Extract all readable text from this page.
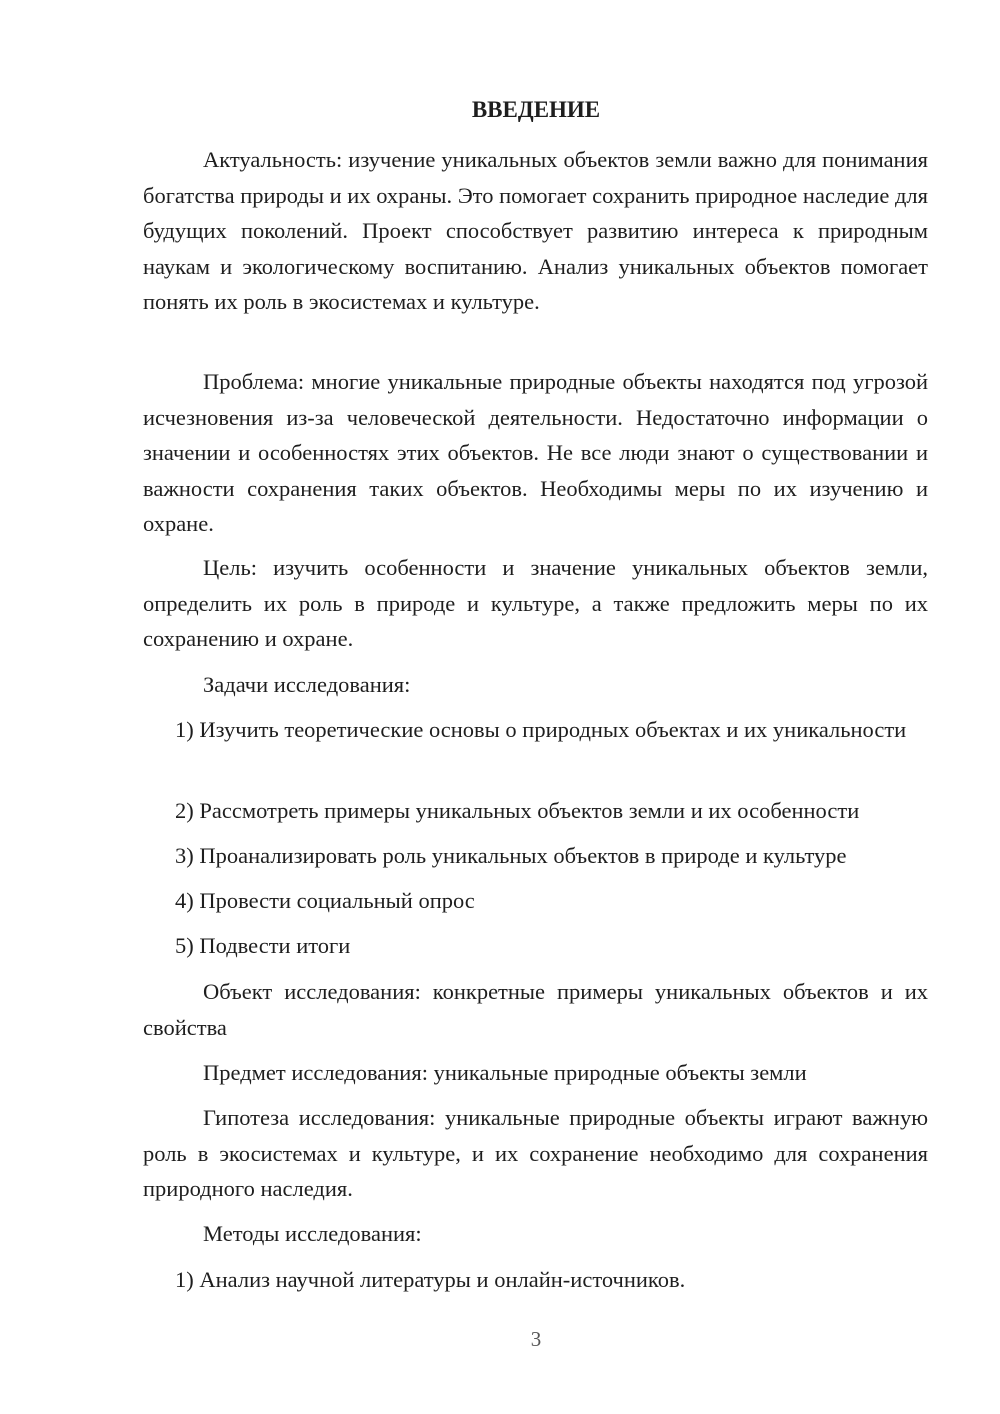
ВВЕДЕНИЕ
Актуальность: изучение уникальных объектов земли важно для понимания богатства природы и их охраны. Это помогает сохранить природное наследие для будущих поколений. Проект способствует развитию интереса к природным наукам и экологическому воспитанию. Анализ уникальных объектов помогает понять их роль в экосистемах и культуре.
Проблема: многие уникальные природные объекты находятся под угрозой исчезновения из-за человеческой деятельности. Недостаточно информации о значении и особенностях этих объектов. Не все люди знают о существовании и важности сохранения таких объектов. Необходимы меры по их изучению и охране.
Цель: изучить особенности и значение уникальных объектов земли, определить их роль в природе и культуре, а также предложить меры по их сохранению и охране.
Задачи исследования:
1) Изучить теоретические основы о природных объектах и их уникальности
2) Рассмотреть примеры уникальных объектов земли и их особенности
3) Проанализировать роль уникальных объектов в природе и культуре
4) Провести социальный опрос
5) Подвести итоги
Объект исследования: конкретные примеры уникальных объектов и их свойства
Предмет исследования: уникальные природные объекты земли
Гипотеза исследования: уникальные природные объекты играют важную роль в экосистемах и культуре, и их сохранение необходимо для сохранения природного наследия.
Методы исследования:
1) Анализ научной литературы и онлайн-источников.
3
